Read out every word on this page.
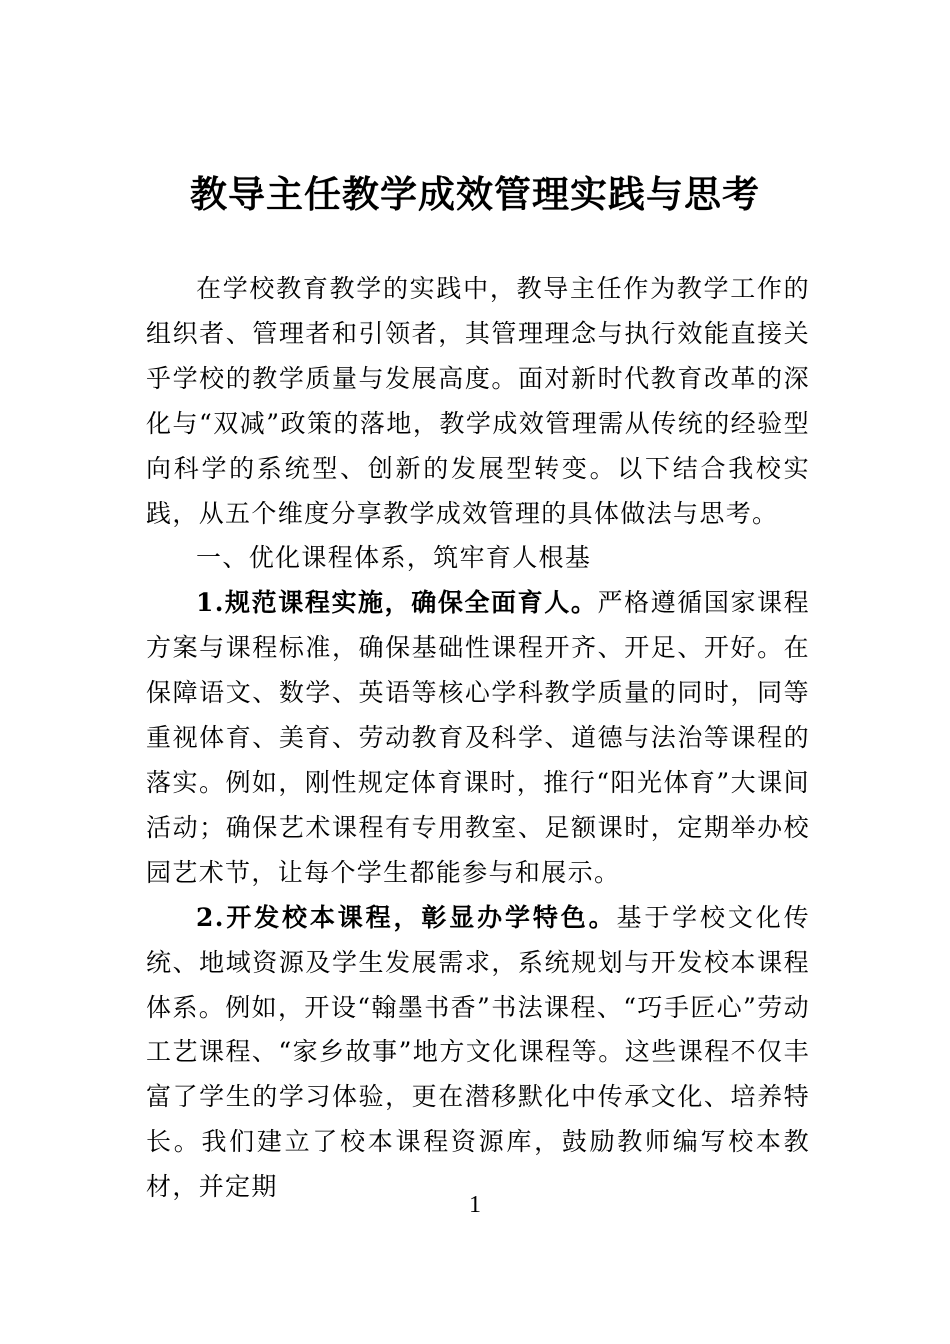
教导主任教学成效管理实践与思考

在学校教育教学的实践中，教导主任作为教学工作的组织者、管理者和引领者，其管理理念与执行效能直接关乎学校的教学质量与发展高度。面对新时代教育改革的深化与“双减”政策的落地，教学成效管理需从传统的经验型向科学的系统型、创新的发展型转变。以下结合我校实践，从五个维度分享教学成效管理的具体做法与思考。

一、优化课程体系，筑牢育人根基

1.规范课程实施，确保全面育人。严格遵循国家课程方案与课程标准，确保基础性课程开齐、开足、开好。在保障语文、数学、英语等核心学科教学质量的同时，同等重视体育、美育、劳动教育及科学、道德与法治等课程的落实。例如，刚性规定体育课时，推行“阳光体育”大课间活动；确保艺术课程有专用教室、足额课时，定期举办校园艺术节，让每个学生都能参与和展示。

2.开发校本课程，彰显办学特色。基于学校文化传统、地域资源及学生发展需求，系统规划与开发校本课程体系。例如，开设“翰墨书香”书法课程、“巧手匠心”劳动工艺课程、“家乡故事”地方文化课程等。这些课程不仅丰富了学生的学习体验，更在潜移默化中传承文化、培养特长。我们建立了校本课程资源库，鼓励教师编写校本教材，并定期

1
